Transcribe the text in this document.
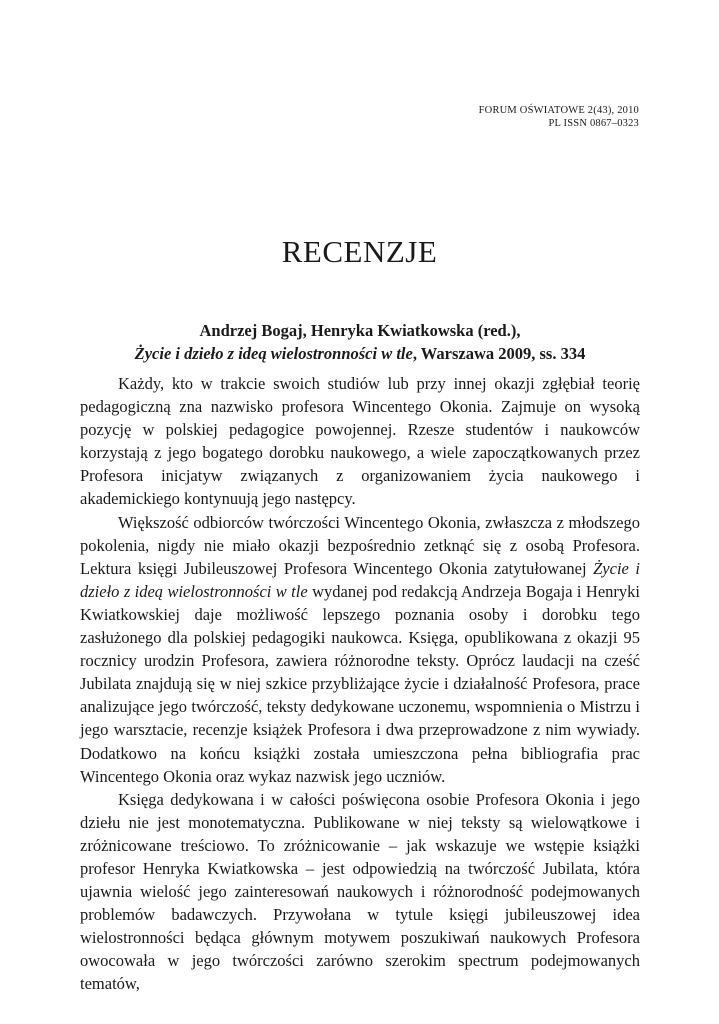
FORUM OŚWIATOWE 2(43), 2010
PL ISSN 0867–0323
RECENZJE
Andrzej Bogaj, Henryka Kwiatkowska (red.),
Życie i dzieło z ideą wielostronności w tle, Warszawa 2009, ss. 334

Każdy, kto w trakcie swoich studiów lub przy innej okazji zgłębiał teorię pedagogiczną zna nazwisko profesora Wincentego Okonia. Zajmuje on wysoką pozycję w polskiej pedagogice powojennej. Rzesze studentów i naukowców korzystają z jego bogatego dorobku naukowego, a wiele zapoczątkowanych przez Profesora inicjatyw związanych z organizowaniem życia naukowego i akademickiego kontynuują jego następcy.

Większość odbiorców twórczości Wincentego Okonia, zwłaszcza z młodszego pokolenia, nigdy nie miało okazji bezpośrednio zetknąć się z osobą Profesora. Lektura księgi Jubileuszowej Profesora Wincentego Okonia zatytułowanej Życie i dzieło z ideą wielostronności w tle wydanej pod redakcją Andrzeja Bogaja i Henryki Kwiatkowskiej daje możliwość lepszego poznania osoby i dorobku tego zasłużonego dla polskiej pedagogiki naukowca. Księga, opublikowana z okazji 95 rocznicy urodzin Profesora, zawiera różnorodne teksty. Oprócz laudacji na cześć Jubilata znajdują się w niej szkice przybliżające życie i działalność Profesora, prace analizujące jego twórczość, teksty dedykowane uczonemu, wspomnienia o Mistrzu i jego warsztacie, recenzje książek Profesora i dwa przeprowadzone z nim wywiady. Dodatkowo na końcu książki została umieszczona pełna bibliografia prac Wincentego Okonia oraz wykaz nazwisk jego uczniów.

Księga dedykowana i w całości poświęcona osobie Profesora Okonia i jego dziełu nie jest monotematyczna. Publikowane w niej teksty są wielowątkowe i zróżnicowane treściowo. To zróżnicowanie – jak wskazuje we wstępie książki profesor Henryka Kwiatkowska – jest odpowiedzią na twórczość Jubilata, która ujawnia wielość jego zainteresowań naukowych i różnorodność podejmowanych problemów badawczych. Przywołana w tytule księgi jubileuszowej idea wielostronności będąca głównym motywem poszukiwań naukowych Profesora owocowała w jego twórczości zarówno szerokim spectrum podejmowanych tematów,
